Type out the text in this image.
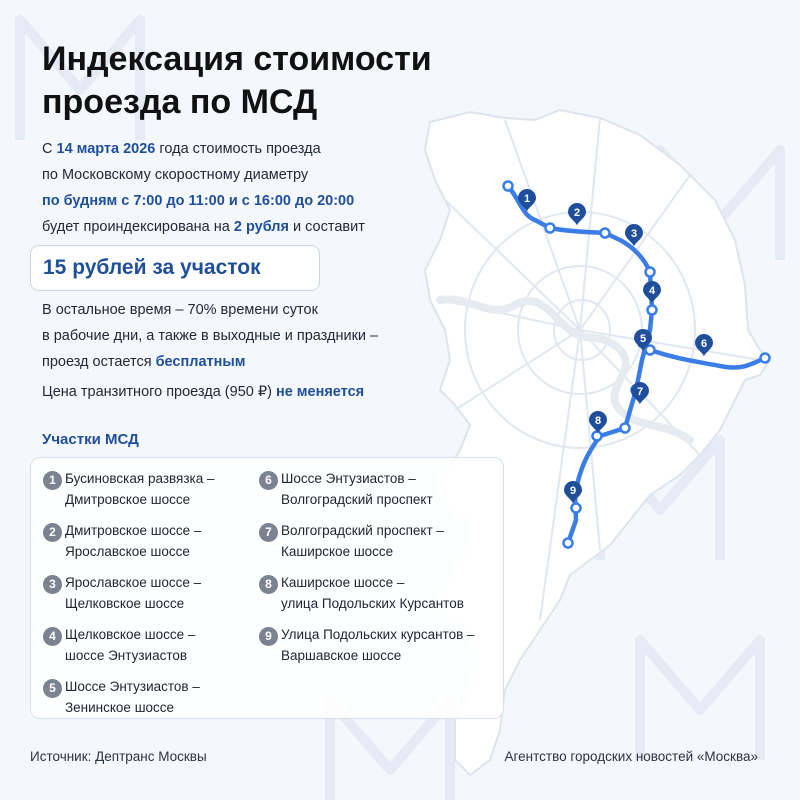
1
2
3
4
5	6
7
8
9
Индексация стоимости
проезда по МСД
С 14 марта 2026 года стоимость проезда
по Московскому скоростному диаметру
по будням с 7:00 до 11:00 и с 16:00 до 20:00
будет проиндексирована на 2 рубля и составит
15 рублей за участок
В остальное время – 70% времени суток
в рабочие дни, а также в выходные и праздники –
проезд остается бесплатным
Цена транзитного проезда (950 ₽) не меняется
Участки МСД
1 Бусиновская развязка –
Дмитровское шоссе
2 Дмитровское шоссе –
Ярославское шоссе
3 Ярославское шоссе –
Щелковское шоссе
4 Щелковское шоссе –
шоссе Энтузиастов
5 Шоссе Энтузиастов –
Зенинское шоссе
6 Шоссе Энтузиастов –
Волгоградский проспект
7 Волгоградский проспект –
Каширское шоссе
8 Каширское шоссе –
улица Подольских Курсантов
9 Улица Подольских курсантов –
Варшавское шоссе
Источник: Дептранс Москвы	Агентство городских новостей «Москва»
